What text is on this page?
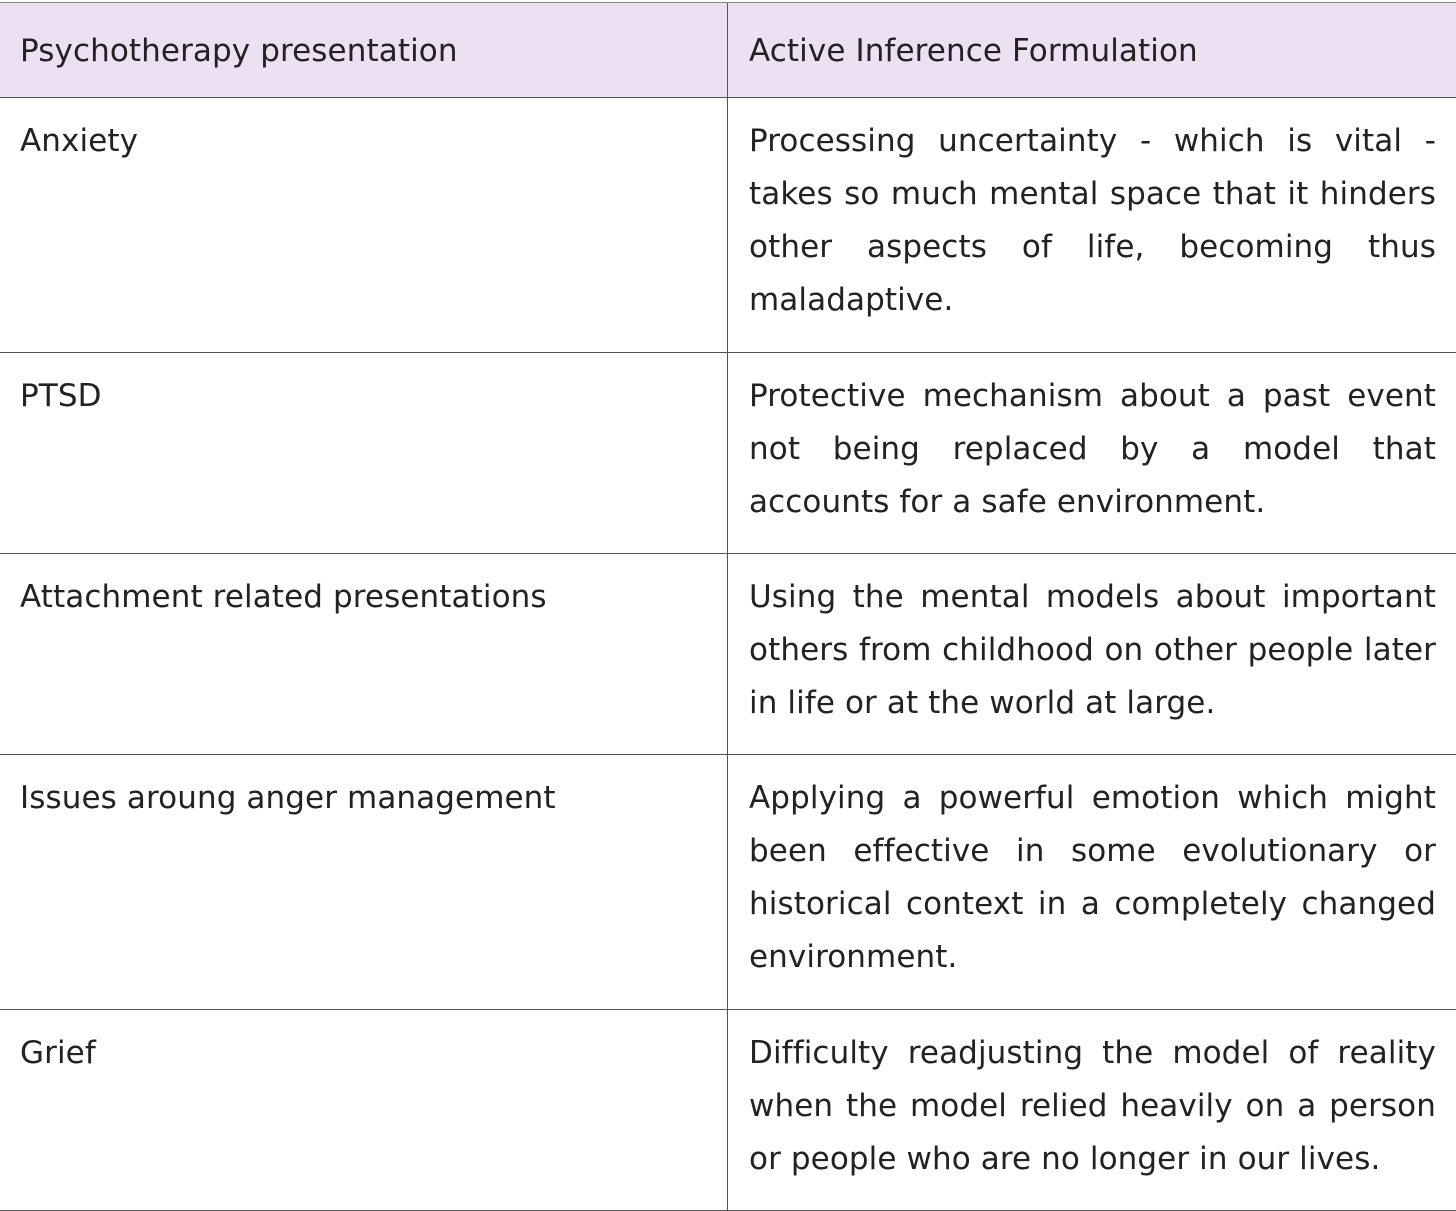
Psychotherapy presentation	Active Inference Formulation
Anxiety	Processing uncertainty - which is vital - takes so much mental space that it hinders other aspects of life, becoming thus maladaptive.
PTSD	Protective mechanism about a past event not being replaced by a model that accounts for a safe environment.
Attachment related presentations	Using the mental models about important others from childhood on other people later in life or at the world at large.
Issues aroung anger management	Applying a powerful emotion which might been effective in some evolutionary or historical context in a completely changed environment.
Grief	Difficulty readjusting the model of reality when the model relied heavily on a person or people who are no longer in our lives.
